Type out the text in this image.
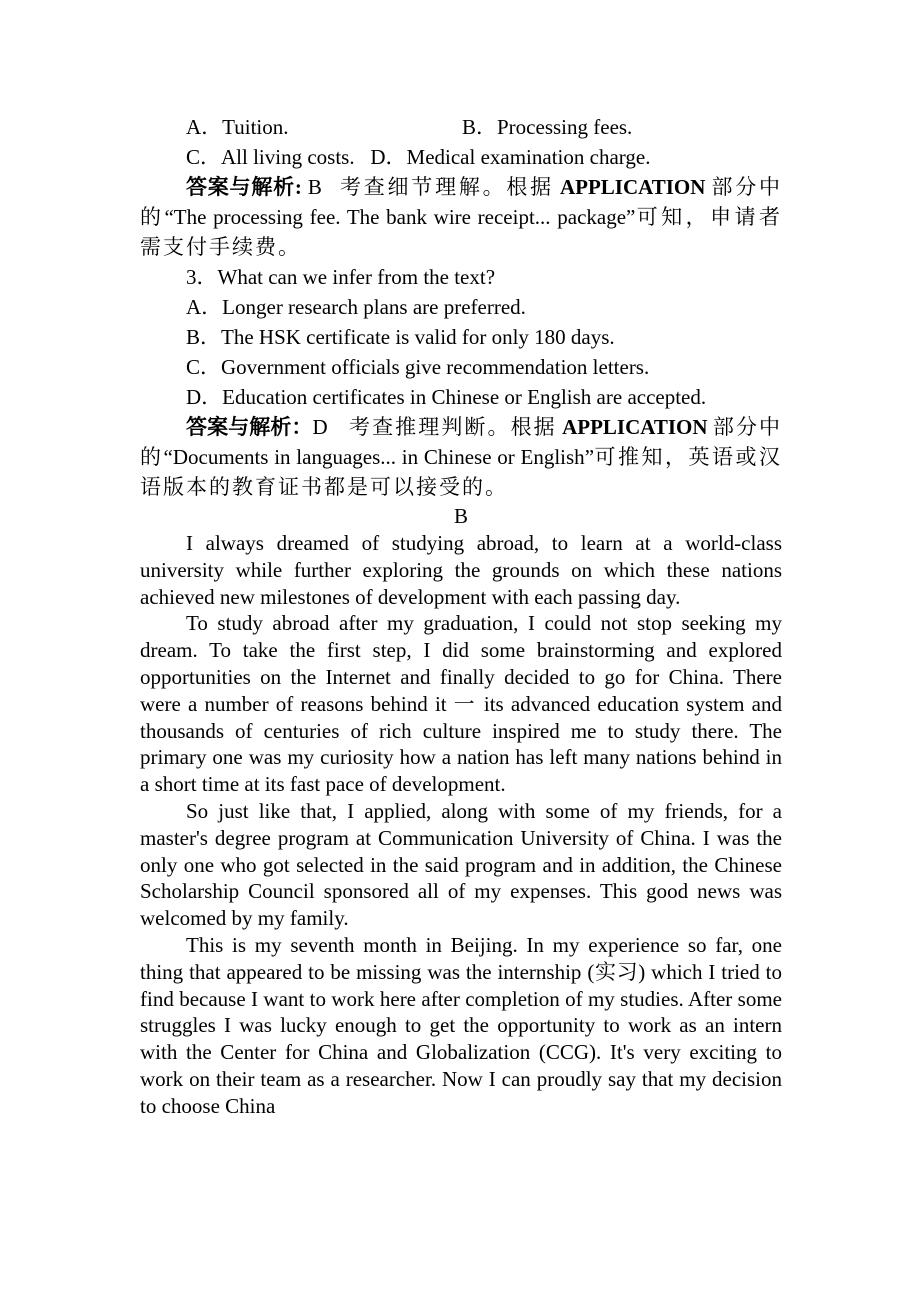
A．Tuition.	B．Processing fees.
C．All living costs. D．Medical examination charge.
答案与解析: B 考查细节理解。根据 APPLICATION 部分中的“The processing fee. The bank wire receipt... package”可知，申请者需支付手续费。
3．What can we infer from the text?
A．Longer research plans are preferred.
B．The HSK certificate is valid for only 180 days.
C．Government officials give recommendation letters.
D．Education certificates in Chinese or English are accepted.
答案与解析：D 考查推理判断。根据 APPLICATION 部分中的“Documents in languages... in Chinese or English”可推知，英语或汉语版本的教育证书都是可以接受的。
B

I always dreamed of studying abroad, to learn at a world-class university while further exploring the grounds on which these nations achieved new milestones of development with each passing day.

To study abroad after my graduation, I could not stop seeking my dream. To take the first step, I did some brainstorming and explored opportunities on the Internet and finally decided to go for China. There were a number of reasons behind it 一 its advanced education system and thousands of centuries of rich culture inspired me to study there. The primary one was my curiosity how a nation has left many nations behind in a short time at its fast pace of development.

So just like that, I applied, along with some of my friends, for a master's degree program at Communication University of China. I was the only one who got selected in the said program and in addition, the Chinese Scholarship Council sponsored all of my expenses. This good news was welcomed by my family.

This is my seventh month in Beijing. In my experience so far, one thing that appeared to be missing was the internship (实习) which I tried to find because I want to work here after completion of my studies. After some struggles I was lucky enough to get the opportunity to work as an intern with the Center for China and Globalization (CCG). It's very exciting to work on their team as a researcher. Now I can proudly say that my decision to choose China
